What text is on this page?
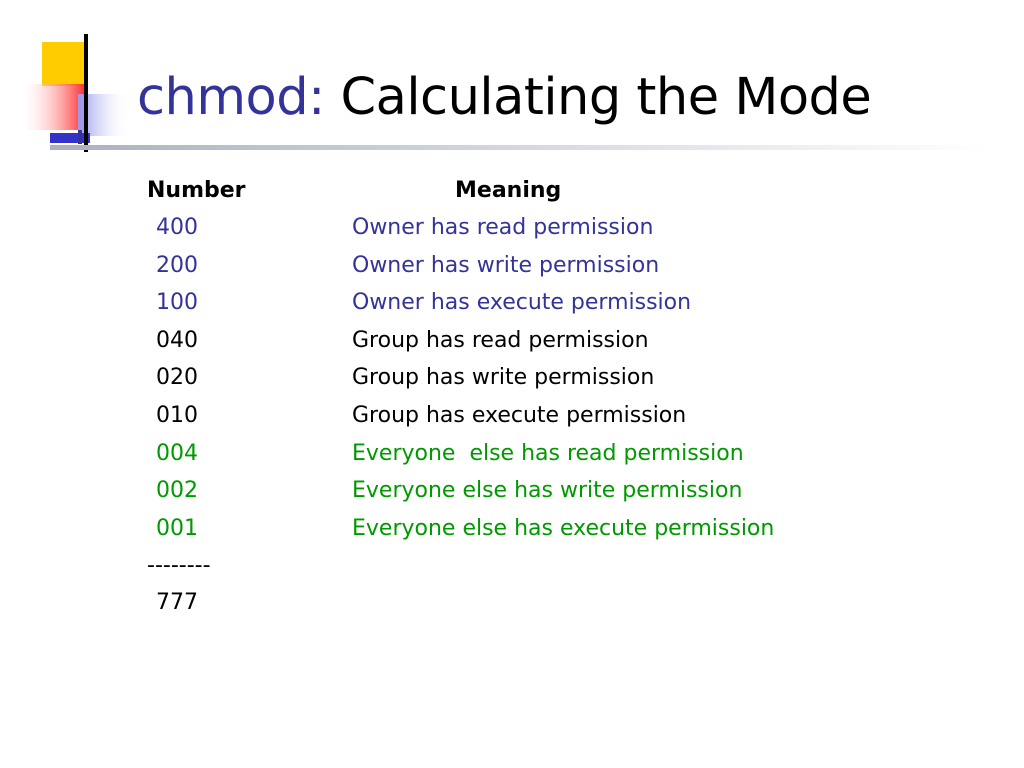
chmod: Calculating the Mode
Number	Meaning
400	Owner has read permission
200	Owner has write permission
100	Owner has execute permission
040	Group has read permission
020	Group has write permission
010	Group has execute permission
004	Everyone  else has read permission
002	Everyone else has write permission
001	Everyone else has execute permission
--------
777
